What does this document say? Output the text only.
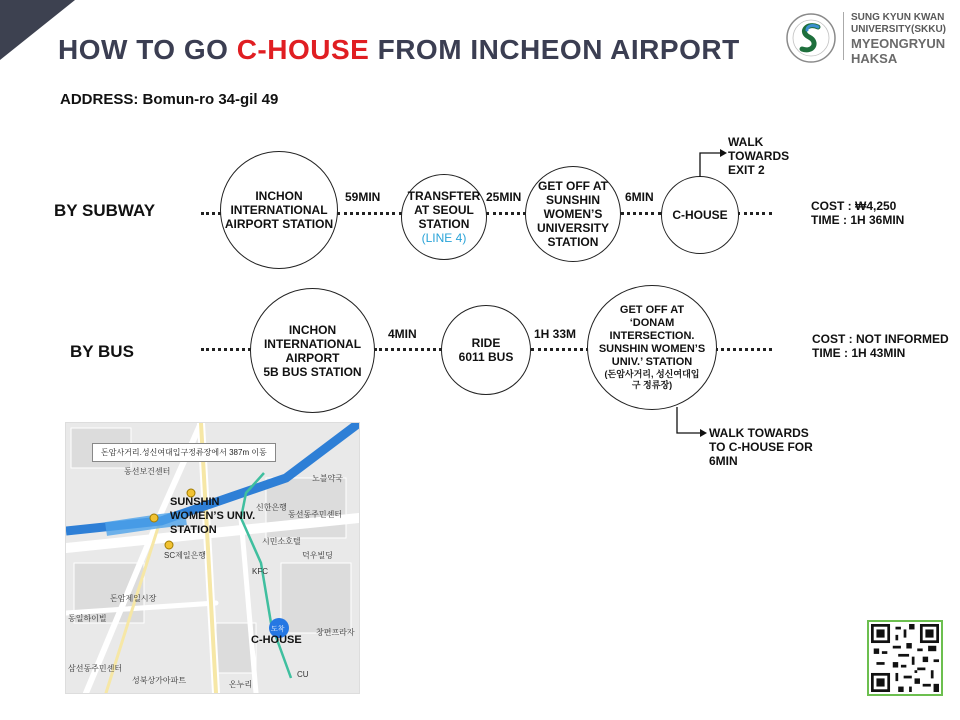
HOW TO GO C-HOUSE FROM INCHEON AIRPORT
ADDRESS: Bomun-ro 34-gil 49
SUNG KYUN KWAN
UNIVERSITY(SKKU)
MYEONGRYUN
HAKSA
BY SUBWAY
INCHON
INTERNATIONAL
AIRPORT STATION
59MIN TRANSFTER
AT SEOUL
STATION
(LINE 4)
25MIN
GET OFF AT
SUNSHIN
WOMEN’S
UNIVERSITY
STATION
6MIN
C-HOUSE
WALK
TOWARDS
EXIT 2
COST : ₩4,250
TIME : 1H 36MIN
BY BUS
INCHON
INTERNATIONAL
AIRPORT
5B BUS STATION
4MIN
RIDE
6011 BUS
1H 33M
GET OFF AT
‘DONAM
INTERSECTION.
SUNSHIN WOMEN’S
UNIV.’ STATION
(돈암사거리, 성신여대입
구 정류장)
WALK TOWARDS
TO C-HOUSE FOR
6MIN
COST : NOT INFORMED
TIME : 1H 43MIN
돈암사거리.성신여대입구정류장에서 387m 이동
동선보건센터
신한은행
동선동주민센터
시민소호텔
덕우빌딩
KFC
돈암제일시장
SC제일은행
동일하이빌
삼선동주민센터
성북상가아파트	온누리
창편프라자
CU
노블약국
SUNSHIN
WOMEN’S UNIV.
STATION
도착
C-HOUSE
